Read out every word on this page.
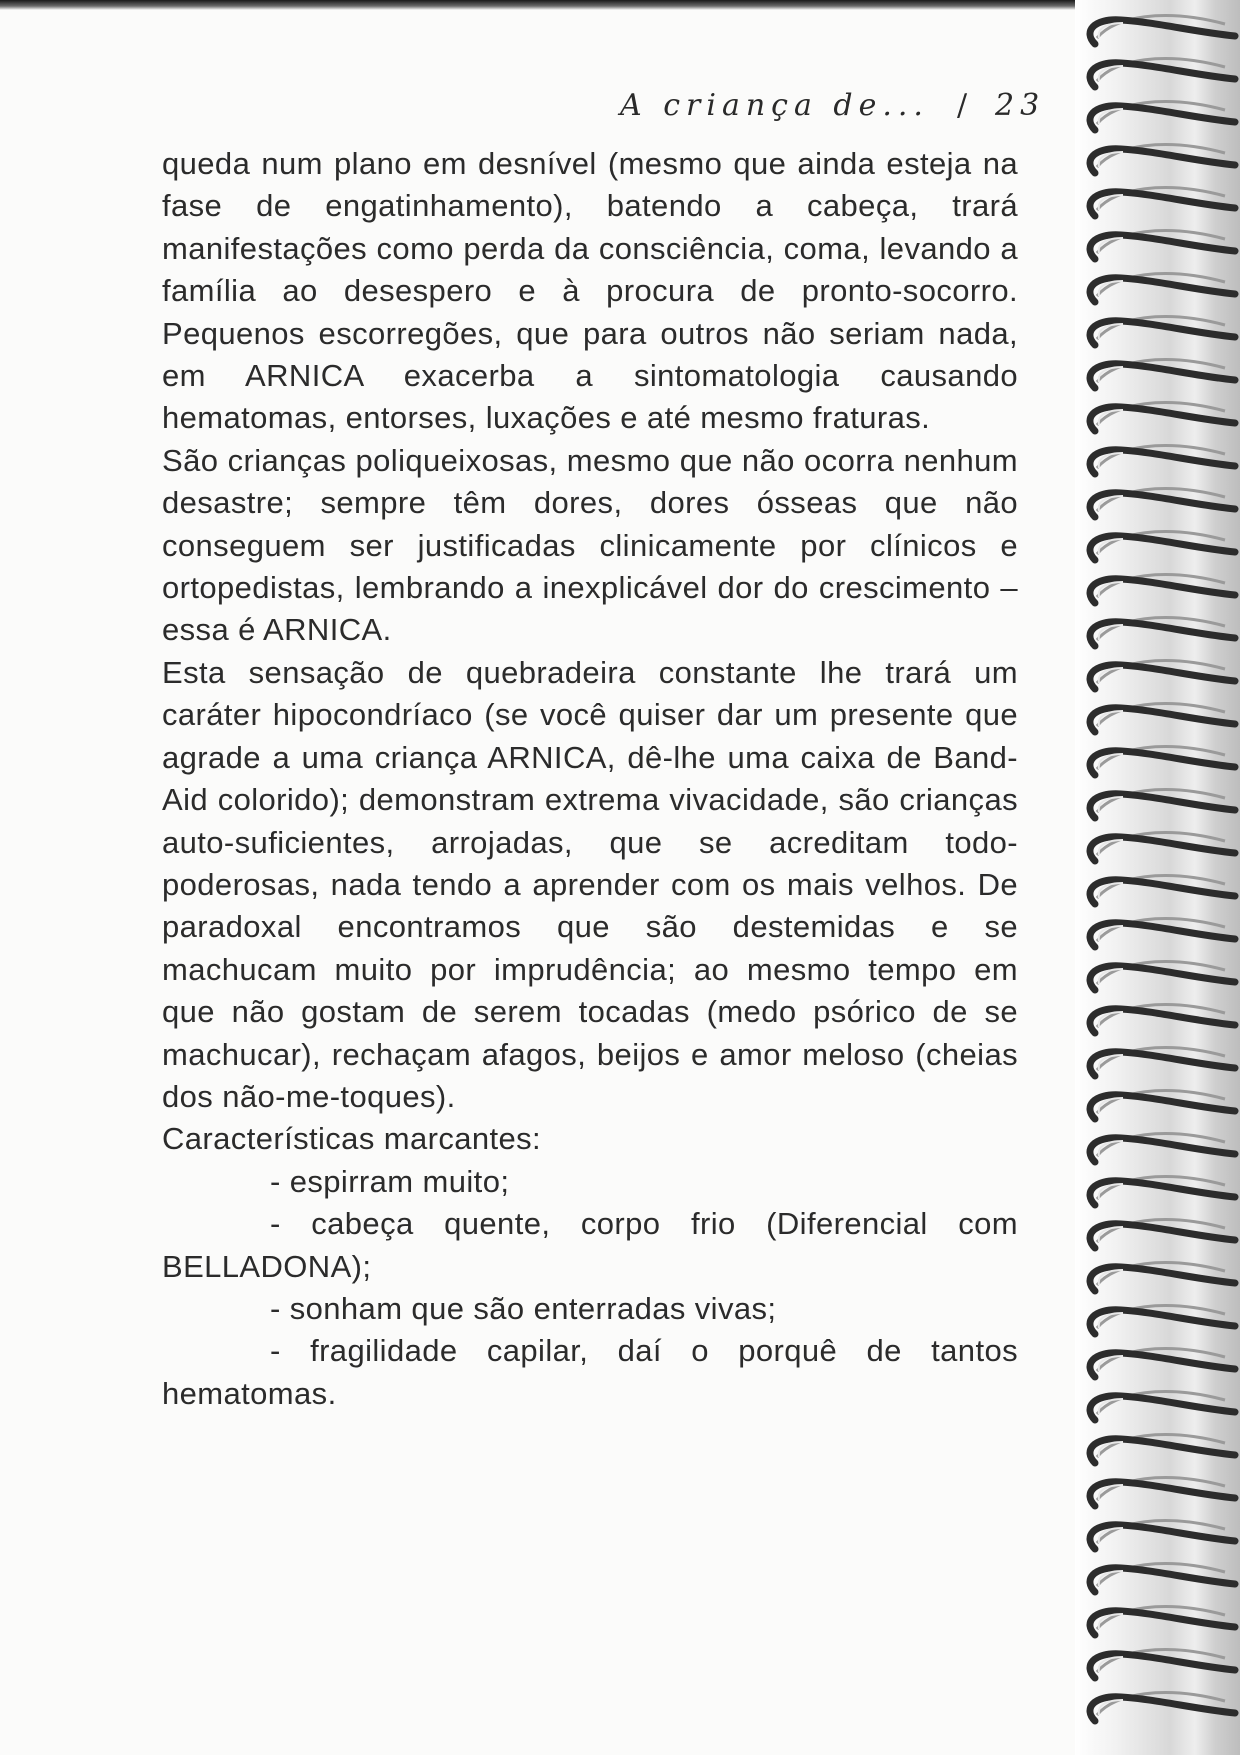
A criança de... / 23

queda num plano em desnível (mesmo que ainda esteja na fase de engatinhamento), batendo a cabeça, trará manifestações como perda da consciência, coma, levando a família ao desespero e à procura de pronto-socorro. Pequenos escorregões, que para outros não seriam nada, em ARNICA exacerba a sintomatologia causando hematomas, entorses, luxações e até mesmo fraturas.

São crianças poliqueixosas, mesmo que não ocorra nenhum desastre; sempre têm dores, dores ósseas que não conseguem ser justificadas clinicamente por clínicos e ortopedistas, lembrando a inexplicável dor do crescimento – essa é ARNICA.

Esta sensação de quebradeira constante lhe trará um caráter hipocondríaco (se você quiser dar um presente que agrade a uma criança ARNICA, dê-lhe uma caixa de Band-Aid colorido); demonstram extrema vivacidade, são crianças auto-suficientes, arrojadas, que se acreditam todo-poderosas, nada tendo a aprender com os mais velhos. De paradoxal encontramos que são destemidas e se machucam muito por imprudência; ao mesmo tempo em que não gostam de serem tocadas (medo psórico de se machucar), rechaçam afagos, beijos e amor meloso (cheias dos não-me-toques).

Características marcantes:

- espirram muito;

- cabeça quente, corpo frio (Diferencial com BELLADONA);

- sonham que são enterradas vivas;

- fragilidade capilar, daí o porquê de tantos hematomas.
